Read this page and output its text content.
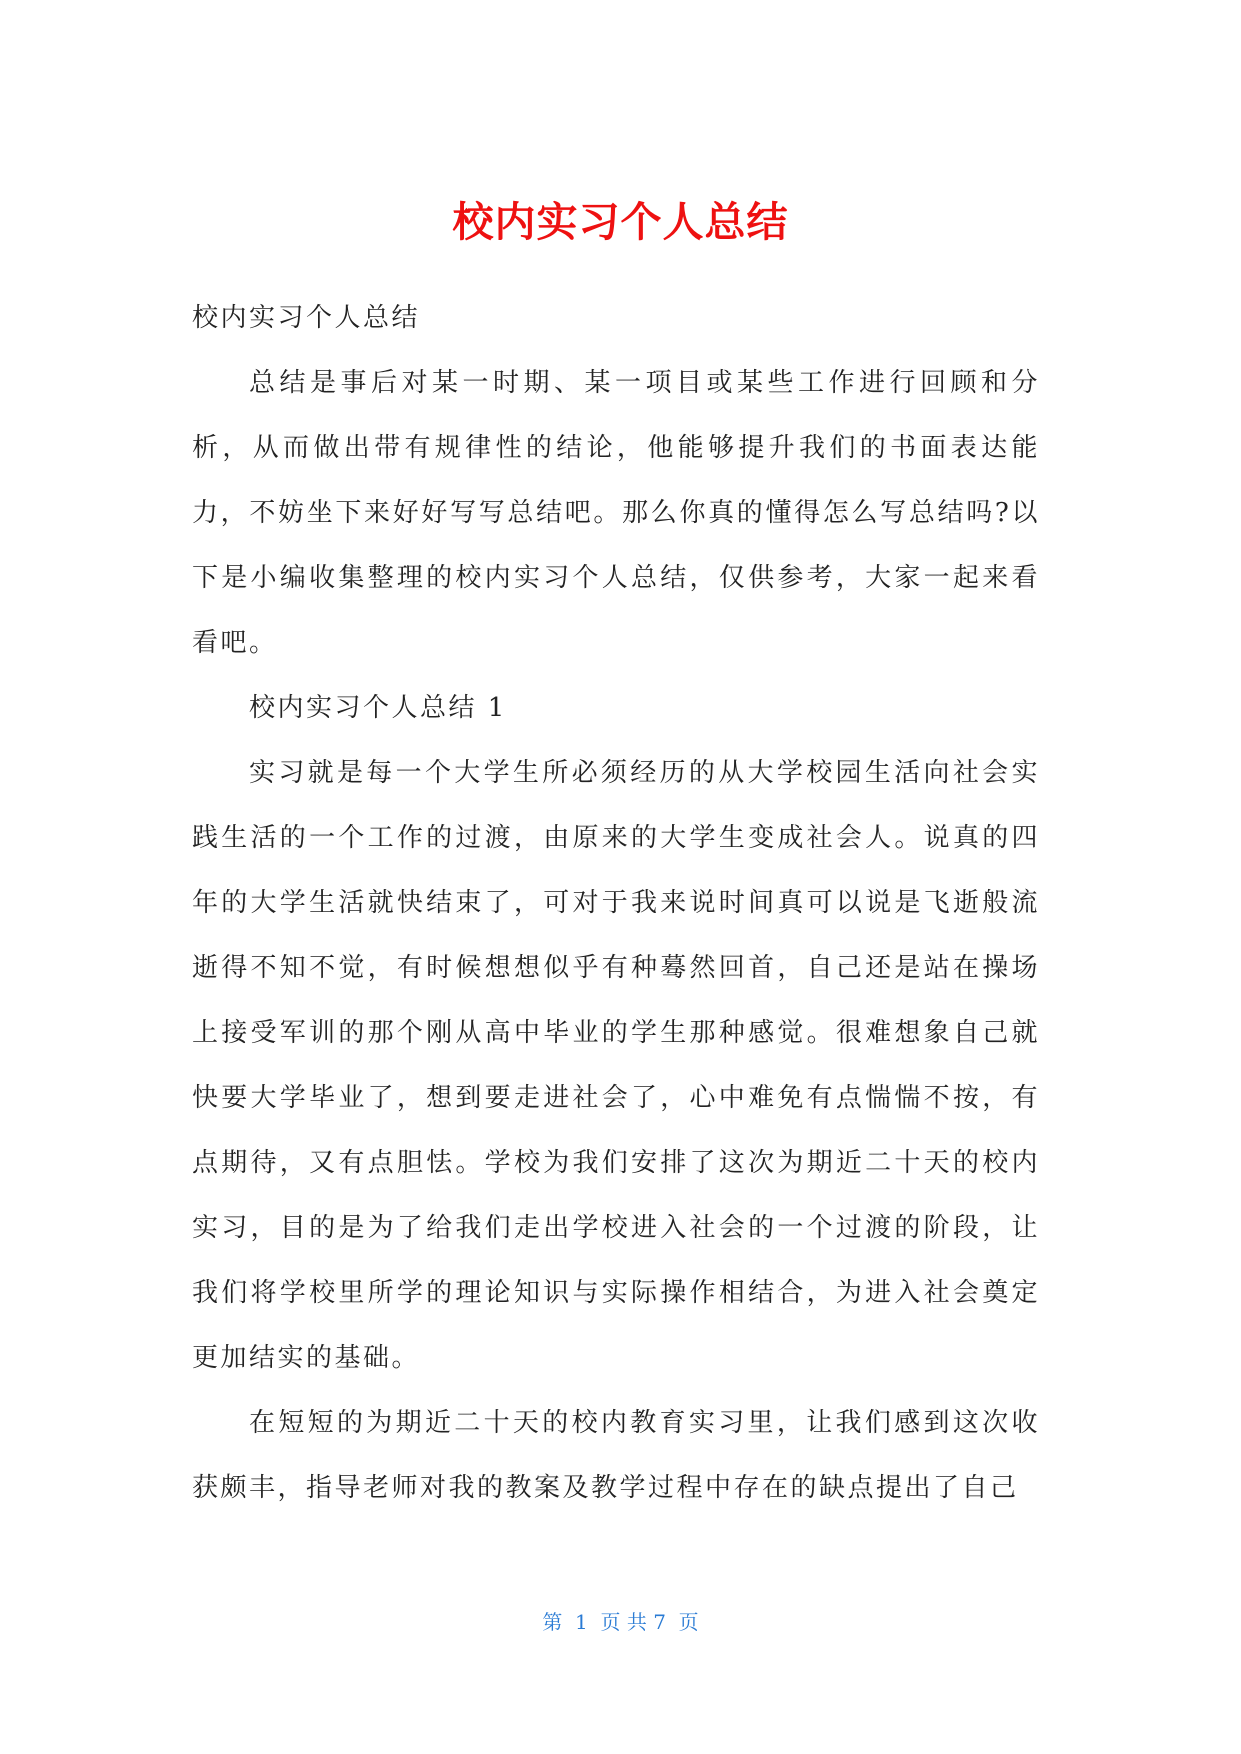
校内实习个人总结

校内实习个人总结

总结是事后对某一时期、某一项目或某些工作进行回顾和分析，从而做出带有规律性的结论，他能够提升我们的书面表达能力，不妨坐下来好好写写总结吧。那么你真的懂得怎么写总结吗?以下是小编收集整理的校内实习个人总结，仅供参考，大家一起来看看吧。

校内实习个人总结 1

实习就是每一个大学生所必须经历的从大学校园生活向社会实践生活的一个工作的过渡，由原来的大学生变成社会人。说真的四年的大学生活就快结束了，可对于我来说时间真可以说是飞逝般流逝得不知不觉，有时候想想似乎有种蓦然回首，自己还是站在操场上接受军训的那个刚从高中毕业的学生那种感觉。很难想象自己就快要大学毕业了，想到要走进社会了，心中难免有点惴惴不按，有点期待，又有点胆怯。学校为我们安排了这次为期近二十天的校内实习，目的是为了给我们走出学校进入社会的一个过渡的阶段，让我们将学校里所学的理论知识与实际操作相结合，为进入社会奠定更加结实的基础。

在短短的为期近二十天的校内教育实习里，让我们感到这次收获颇丰，指导老师对我的教案及教学过程中存在的缺点提出了自己

第  1  页 共 7  页
